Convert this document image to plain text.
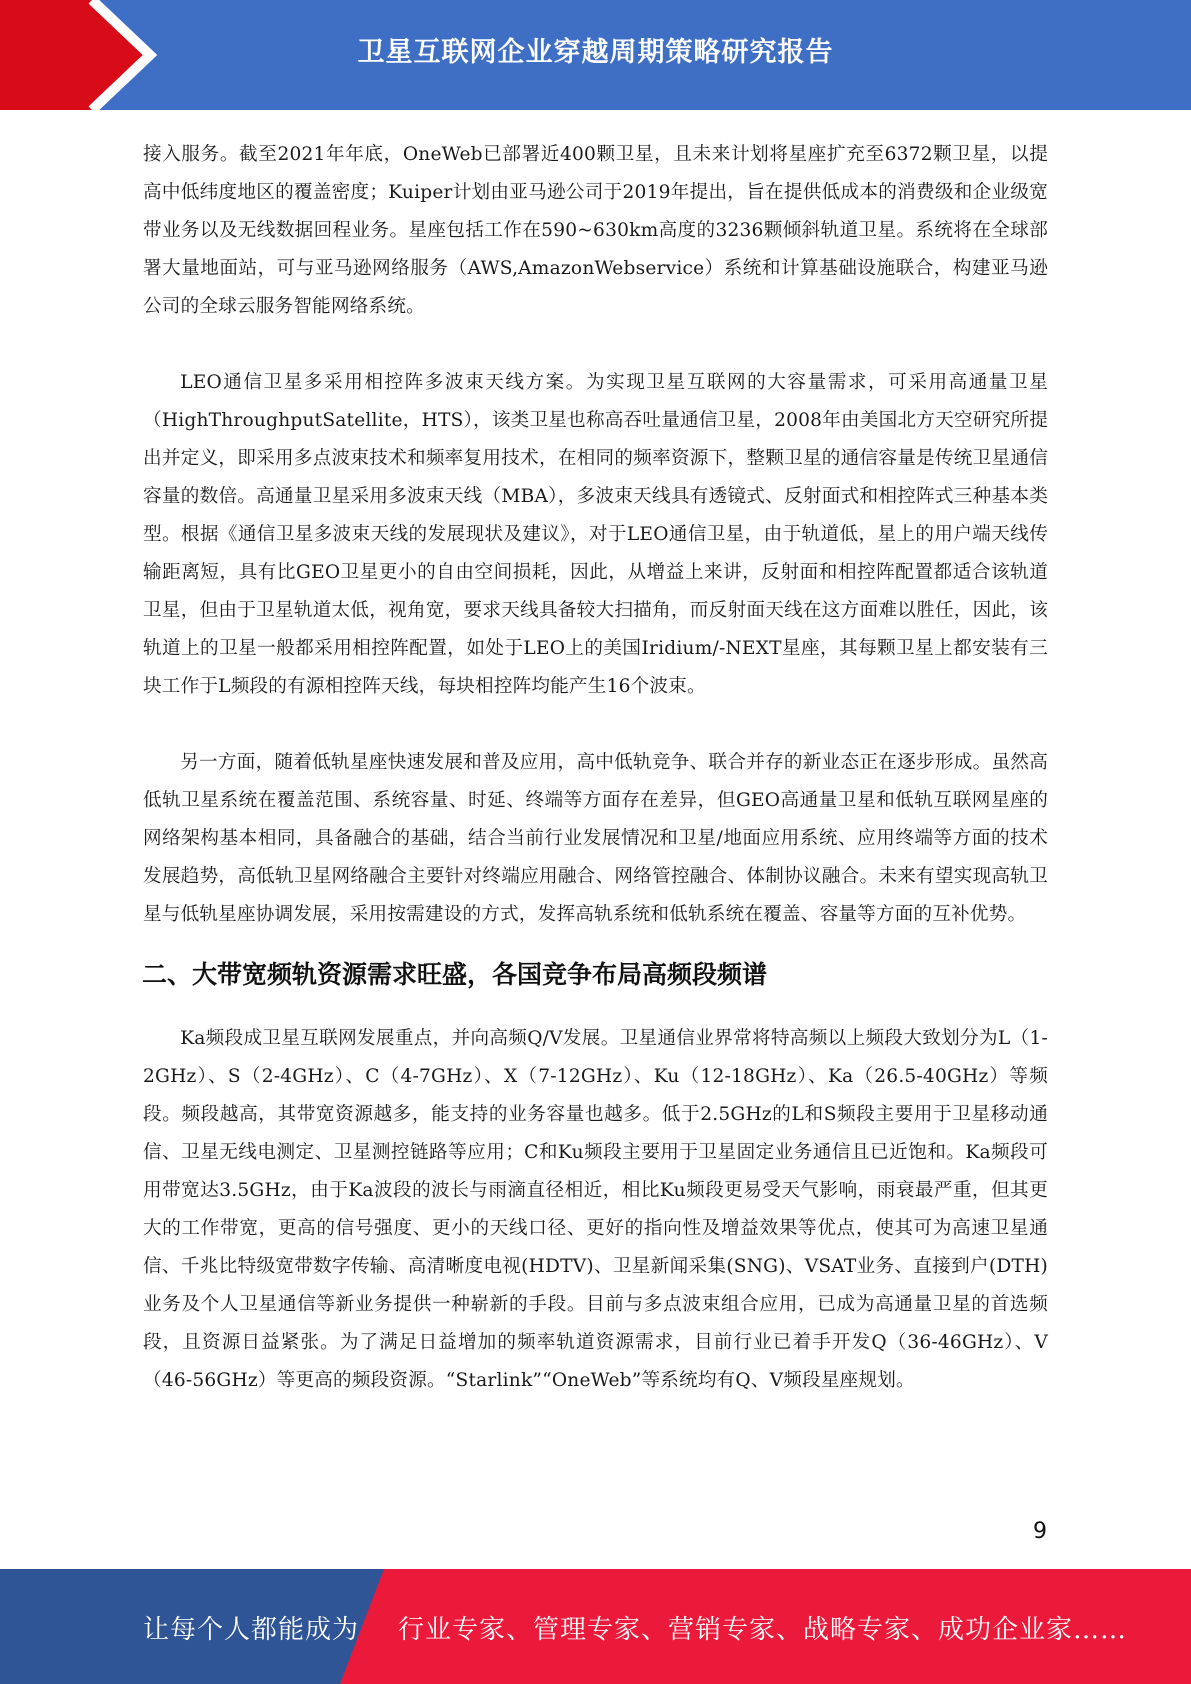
卫星互联网企业穿越周期策略研究报告

接入服务。截至2021年年底，OneWeb已部署近400颗卫星，且未来计划将星座扩充至6372颗卫星，以提高中低纬度地区的覆盖密度；Kuiper计划由亚马逊公司于2019年提出，旨在提供低成本的消费级和企业级宽带业务以及无线数据回程业务。星座包括工作在590~630km高度的3236颗倾斜轨道卫星。系统将在全球部署大量地面站，可与亚马逊网络服务（AWS,AmazonWebservice）系统和计算基础设施联合，构建亚马逊公司的全球云服务智能网络系统。

LEO通信卫星多采用相控阵多波束天线方案。为实现卫星互联网的大容量需求，可采用高通量卫星（HighThroughputSatellite，HTS），该类卫星也称高吞吐量通信卫星，2008年由美国北方天空研究所提出并定义，即采用多点波束技术和频率复用技术，在相同的频率资源下，整颗卫星的通信容量是传统卫星通信容量的数倍。高通量卫星采用多波束天线（MBA），多波束天线具有透镜式、反射面式和相控阵式三种基本类型。根据《通信卫星多波束天线的发展现状及建议》，对于LEO通信卫星，由于轨道低，星上的用户端天线传输距离短，具有比GEO卫星更小的自由空间损耗，因此，从增益上来讲，反射面和相控阵配置都适合该轨道卫星，但由于卫星轨道太低，视角宽，要求天线具备较大扫描角，而反射面天线在这方面难以胜任，因此，该轨道上的卫星一般都采用相控阵配置，如处于LEO上的美国Iridium/-NEXT星座，其每颗卫星上都安装有三块工作于L频段的有源相控阵天线，每块相控阵均能产生16个波束。

另一方面，随着低轨星座快速发展和普及应用，高中低轨竞争、联合并存的新业态正在逐步形成。虽然高低轨卫星系统在覆盖范围、系统容量、时延、终端等方面存在差异，但GEO高通量卫星和低轨互联网星座的网络架构基本相同，具备融合的基础，结合当前行业发展情况和卫星/地面应用系统、应用终端等方面的技术发展趋势，高低轨卫星网络融合主要针对终端应用融合、网络管控融合、体制协议融合。未来有望实现高轨卫星与低轨星座协调发展，采用按需建设的方式，发挥高轨系统和低轨系统在覆盖、容量等方面的互补优势。

二、大带宽频轨资源需求旺盛，各国竞争布局高频段频谱

Ka频段成卫星互联网发展重点，并向高频Q/V发展。卫星通信业界常将特高频以上频段大致划分为L（1-2GHz）、S（2-4GHz）、C（4-7GHz）、X（7-12GHz）、Ku（12-18GHz）、Ka（26.5-40GHz）等频段。频段越高，其带宽资源越多，能支持的业务容量也越多。低于2.5GHz的L和S频段主要用于卫星移动通信、卫星无线电测定、卫星测控链路等应用；C和Ku频段主要用于卫星固定业务通信且已近饱和。Ka频段可用带宽达3.5GHz，由于Ka波段的波长与雨滴直径相近，相比Ku频段更易受天气影响，雨衰最严重，但其更大的工作带宽，更高的信号强度、更小的天线口径、更好的指向性及增益效果等优点，使其可为高速卫星通信、千兆比特级宽带数字传输、高清晰度电视(HDTV)、卫星新闻采集(SNG)、VSAT业务、直接到户(DTH)业务及个人卫星通信等新业务提供一种崭新的手段。目前与多点波束组合应用，已成为高通量卫星的首选频段，且资源日益紧张。为了满足日益增加的频率轨道资源需求，目前行业已着手开发Q（36-46GHz）、V（46-56GHz）等更高的频段资源。“Starlink”“OneWeb”等系统均有Q、V频段星座规划。

9
让每个人都能成为 行业专家、管理专家、营销专家、战略专家、成功企业家……
